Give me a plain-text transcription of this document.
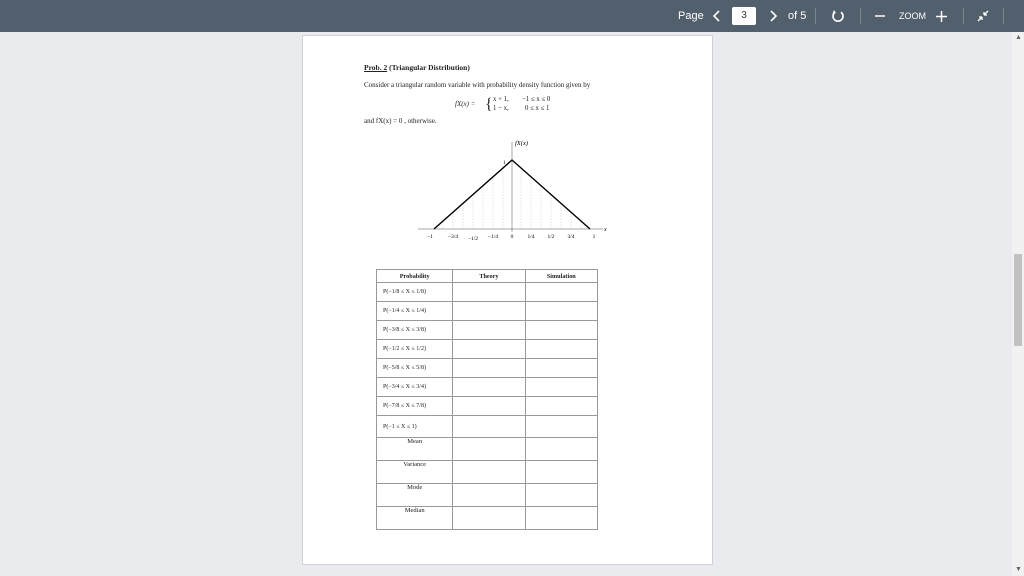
Page	3	of 5	ZOOM
▲
▼
Prob. 2 (Triangular Distribution)
Consider a triangular random variable with probability density function given by
fX(x) = { x + 1, −1 ≤ x ≤ 0
1 − x, 0 ≤ x ≤ 1
and fX(x) = 0 , otherwise.
fX(x)
x
1
−1	−3/4 −1/2 −1/4 0	1/4 1/2 3/4	1
Probability	Theory	Simulation
P(−1/8 ≤ X ≤ 1/8)		
P(−1/4 ≤ X ≤ 1/4)		
P(−3/8 ≤ X ≤ 3/8)		
P(−1/2 ≤ X ≤ 1/2)		
P(−5/8 ≤ X ≤ 5/8)		
P(−3/4 ≤ X ≤ 3/4)		
P(−7/8 ≤ X ≤ 7/8)		
P(−1 ≤ X ≤ 1)		
Mean		
Variance		
Mode		
Median		
